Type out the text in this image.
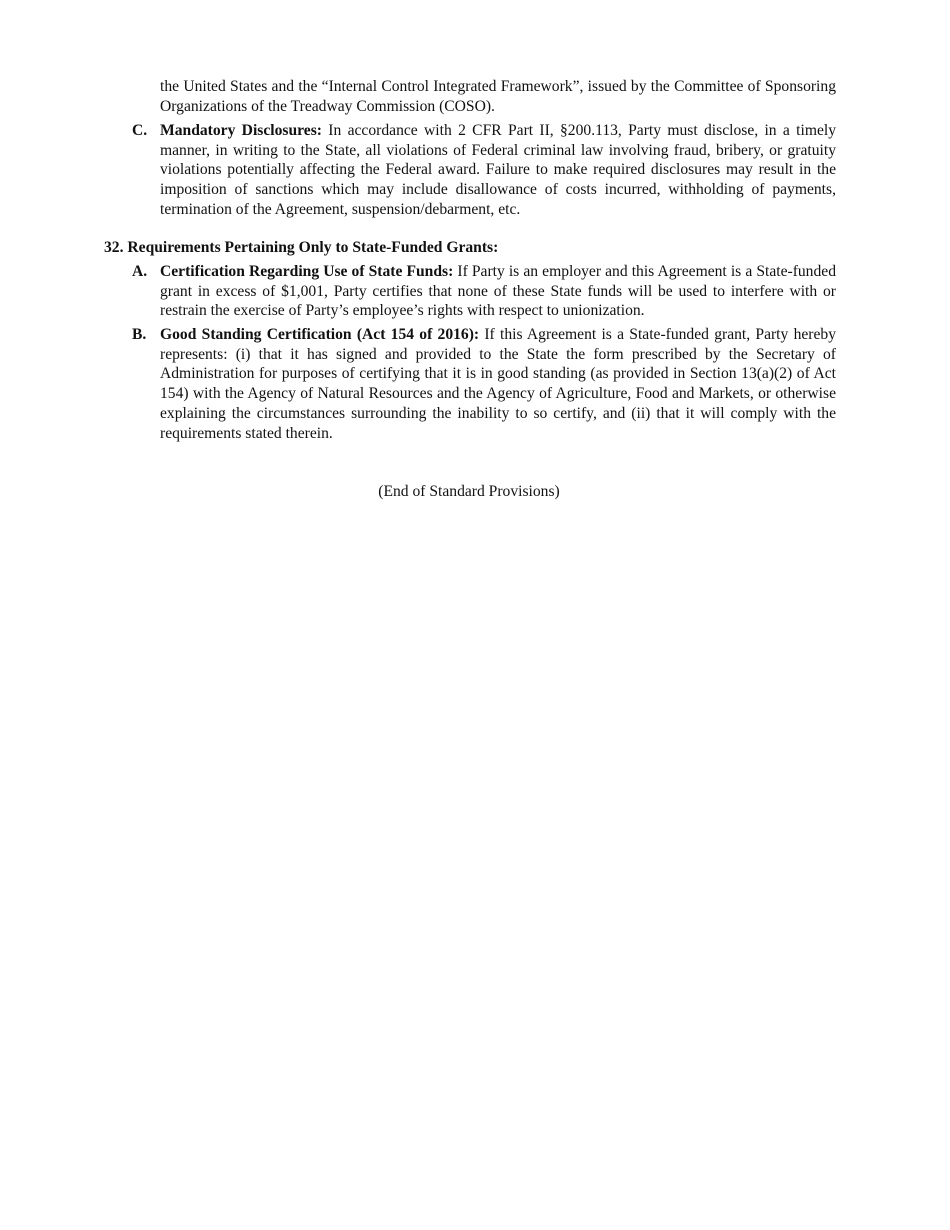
the United States and the “Internal Control Integrated Framework”, issued by the Committee of Sponsoring Organizations of the Treadway Commission (COSO).

C. Mandatory Disclosures: In accordance with 2 CFR Part II, §200.113, Party must disclose, in a timely manner, in writing to the State, all violations of Federal criminal law involving fraud, bribery, or gratuity violations potentially affecting the Federal award. Failure to make required disclosures may result in the imposition of sanctions which may include disallowance of costs incurred, withholding of payments, termination of the Agreement, suspension/debarment, etc.
32. Requirements Pertaining Only to State-Funded Grants:
A. Certification Regarding Use of State Funds: If Party is an employer and this Agreement is a State-funded grant in excess of $1,001, Party certifies that none of these State funds will be used to interfere with or restrain the exercise of Party’s employee’s rights with respect to unionization.
B. Good Standing Certification (Act 154 of 2016): If this Agreement is a State-funded grant, Party hereby represents: (i) that it has signed and provided to the State the form prescribed by the Secretary of Administration for purposes of certifying that it is in good standing (as provided in Section 13(a)(2) of Act 154) with the Agency of Natural Resources and the Agency of Agriculture, Food and Markets, or otherwise explaining the circumstances surrounding the inability to so certify, and (ii) that it will comply with the requirements stated therein.
(End of Standard Provisions)
